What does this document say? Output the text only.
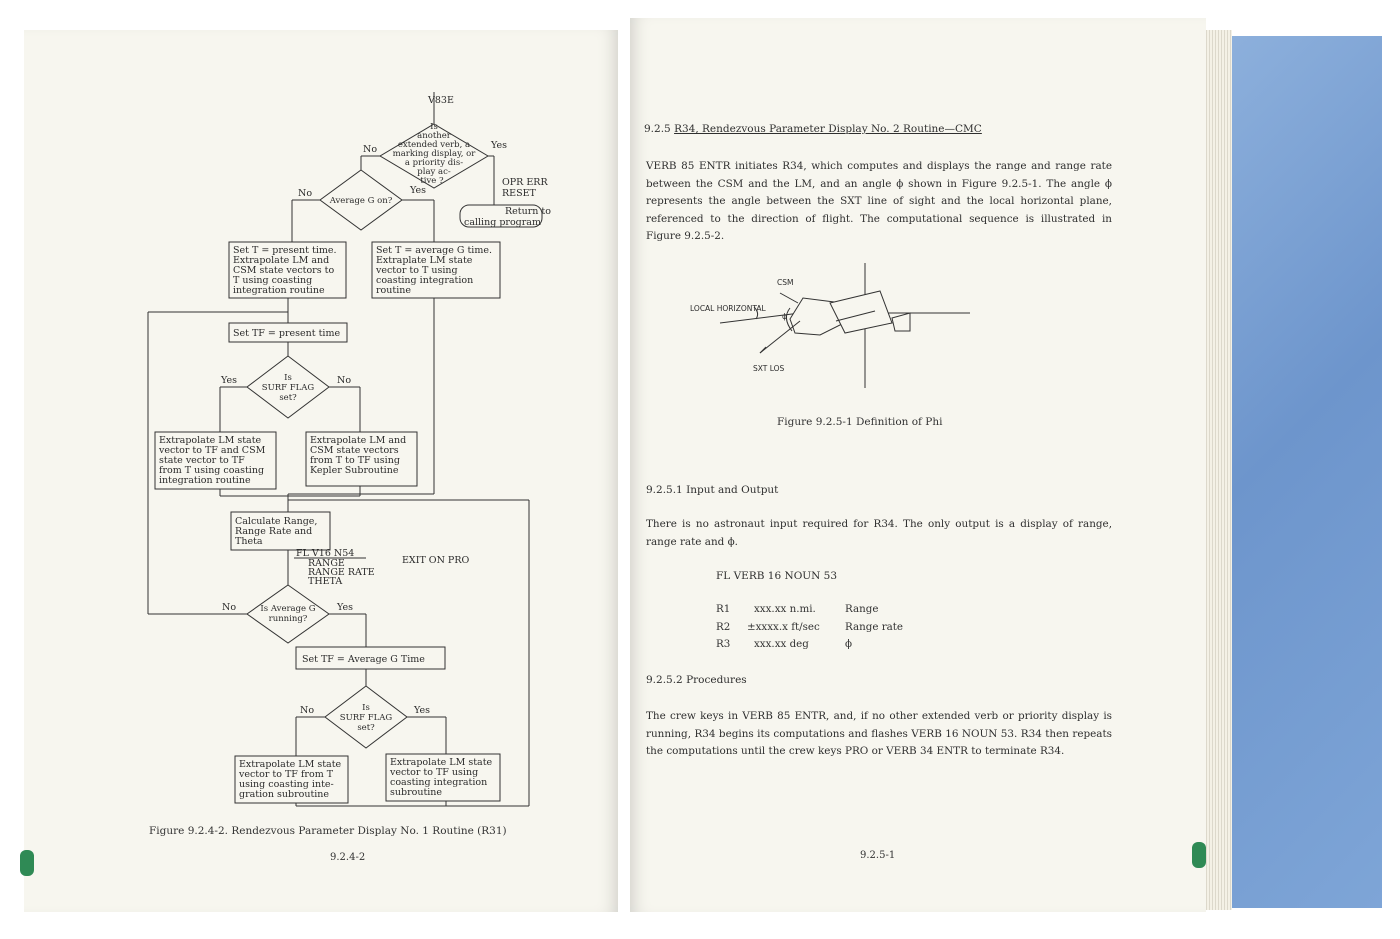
V83E
Is
another
extended verb, a
marking display, or
a priority dis-
play ac-
tive ?
No	Yes
Yes
OPR ERR
RESET
Return to
calling program
No
Average G on?
Set T = present time.
Extrapolate LM and
CSM state vectors to
T using coasting
integration routine
Set T = average G time.
Extraplate LM state
vector to T using
coasting integration
routine
Set TF = present time
Yes	No
Is
SURF FLAG
set?
Extrapolate LM state
vector to TF and CSM
state vector to TF
from T using coasting
integration routine
Extrapolate LM and
CSM state vectors
from T to TF using
Kepler Subroutine
Calculate Range,
Range Rate and
Theta
FL V16 N54
RANGE
RANGE RATE
THETA
EXIT ON PRO
No	Yes
Is Average G
running?
Set TF = Average G Time
No	Yes
Is
SURF FLAG
set?
Extrapolate LM state
vector to TF from T
using coasting inte-
gration subroutine
Extrapolate LM state
vector to TF using
coasting integration
subroutine
Figure 9.2.4-2. Rendezvous Parameter Display No. 1 Routine (R31)
9.2.4-2
9.2.5 R34, Rendezvous Parameter Display No. 2 Routine—CMC
VERB 85 ENTR initiates R34, which computes and displays the range and range rate between the CSM and the LM, and an angle ϕ shown in Figure 9.2.5-1. The angle ϕ represents the angle between the SXT line of sight and the local horizontal plane, referenced to the direction of flight. The computational sequence is illustrated in Figure 9.2.5-2.
CSM
LOCAL HORIZONTAL
SXT LOS
ϕ
Figure 9.2.5-1 Definition of Phi
9.2.5.1 Input and Output
There is no astronaut input required for R34. The only output is a display of range, range rate and ϕ.
FL VERB 16 NOUN 53
R1 xxx.xx n.mi.	Range
R2 ±xxxx.x ft/sec Range rate
R3 xxx.xx deg	ϕ
9.2.5.2 Procedures
The crew keys in VERB 85 ENTR, and, if no other extended verb or priority display is running, R34 begins its computations and flashes VERB 16 NOUN 53. R34 then repeats the computations until the crew keys PRO or VERB 34 ENTR to terminate R34.
9.2.5-1
